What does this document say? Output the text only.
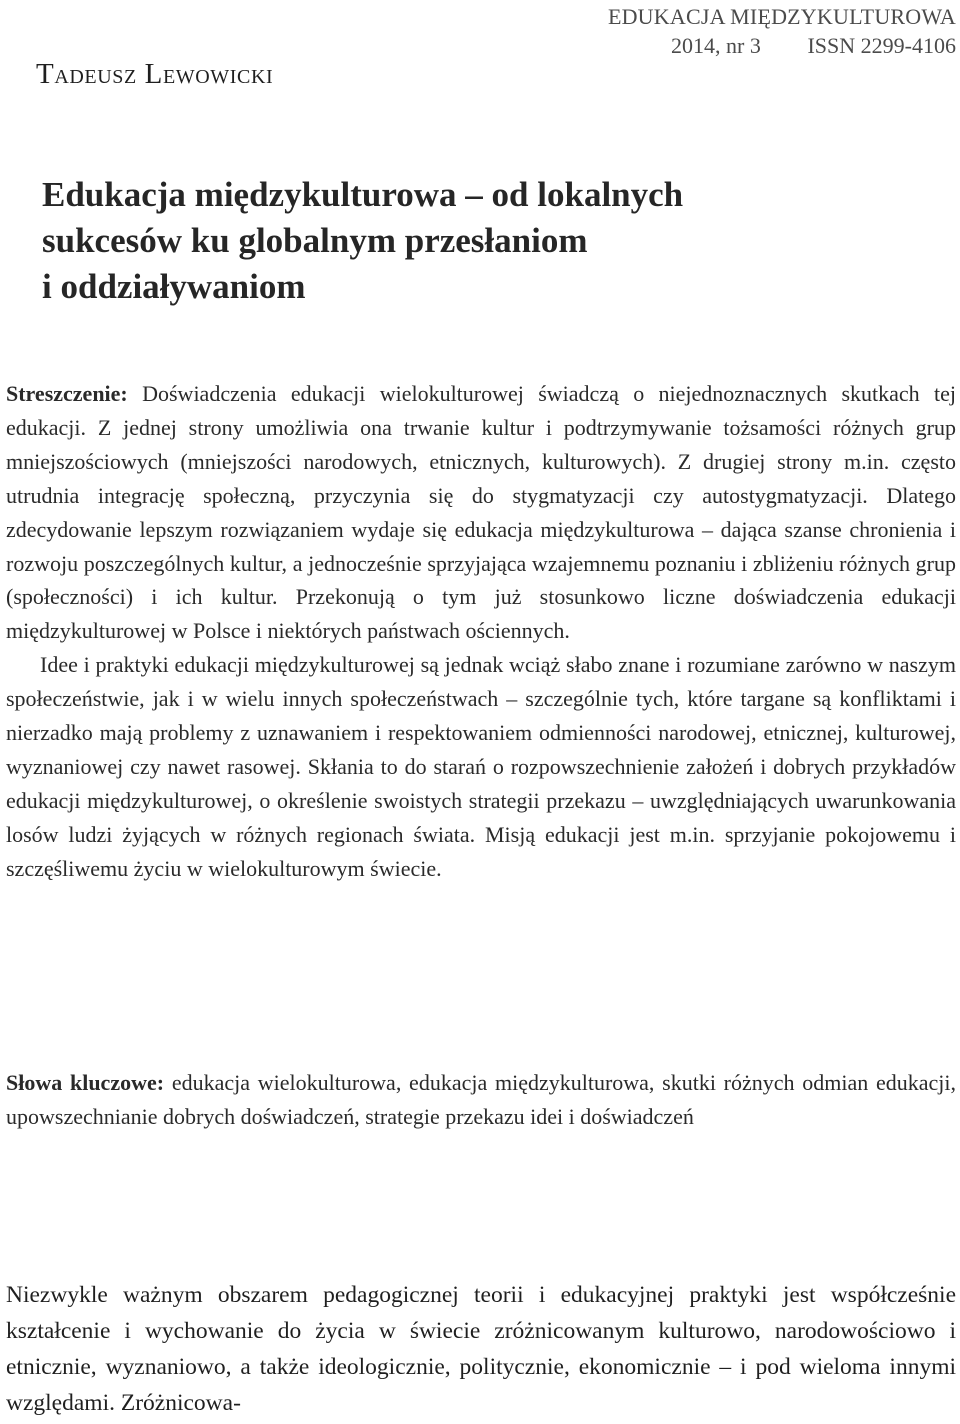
EDUKACJA MIĘDZYKULTUROWA
2014, nr 3 ISSN 2299-4106
Tadeusz Lewowicki
Edukacja międzykulturowa – od lokalnych
sukcesów ku globalnym przesłaniom
i oddziaływaniom

Streszczenie: Doświadczenia edukacji wielokulturowej świadczą o niejednoznacznych skutkach tej edukacji. Z jednej strony umożliwia ona trwanie kultur i podtrzymywanie tożsamości różnych grup mniejszościowych (mniejszości narodowych, etnicznych, kulturowych). Z drugiej strony m.in. często utrudnia integrację społeczną, przyczynia się do stygmatyzacji czy autostygmatyzacji. Dlatego zdecydowanie lepszym rozwiązaniem wydaje się edukacja międzykulturowa – dająca szanse chronienia i rozwoju poszczególnych kultur, a jednocześnie sprzyjająca wzajemnemu poznaniu i zbliżeniu różnych grup (społeczności) i ich kultur. Przekonują o tym już stosunkowo liczne doświadczenia edukacji międzykulturowej w Polsce i niektórych państwach ościennych.

Idee i praktyki edukacji międzykulturowej są jednak wciąż słabo znane i rozumiane zarówno w naszym społeczeństwie, jak i w wielu innych społeczeństwach – szczególnie tych, które targane są konfliktami i nierzadko mają problemy z uznawaniem i respektowaniem odmienności narodowej, etnicznej, kulturowej, wyznaniowej czy nawet rasowej. Skłania to do starań o rozpowszechnienie założeń i dobrych przykładów edukacji międzykulturowej, o określenie swoistych strategii przekazu – uwzględniających uwarunkowania losów ludzi żyjących w różnych regionach świata. Misją edukacji jest m.in. sprzyjanie pokojowemu i szczęśliwemu życiu w wielokulturowym świecie.

Słowa kluczowe: edukacja wielokulturowa, edukacja międzykulturowa, skutki różnych odmian edukacji, upowszechnianie dobrych doświadczeń, strategie przekazu idei i doświadczeń

Niezwykle ważnym obszarem pedagogicznej teorii i edukacyjnej praktyki jest współcześnie kształcenie i wychowanie do życia w świecie zróżnicowanym kulturowo, narodowościowo i etnicznie, wyznaniowo, a także ideologicznie, politycznie, ekonomicznie – i pod wieloma innymi względami. Zróżnicowa-
